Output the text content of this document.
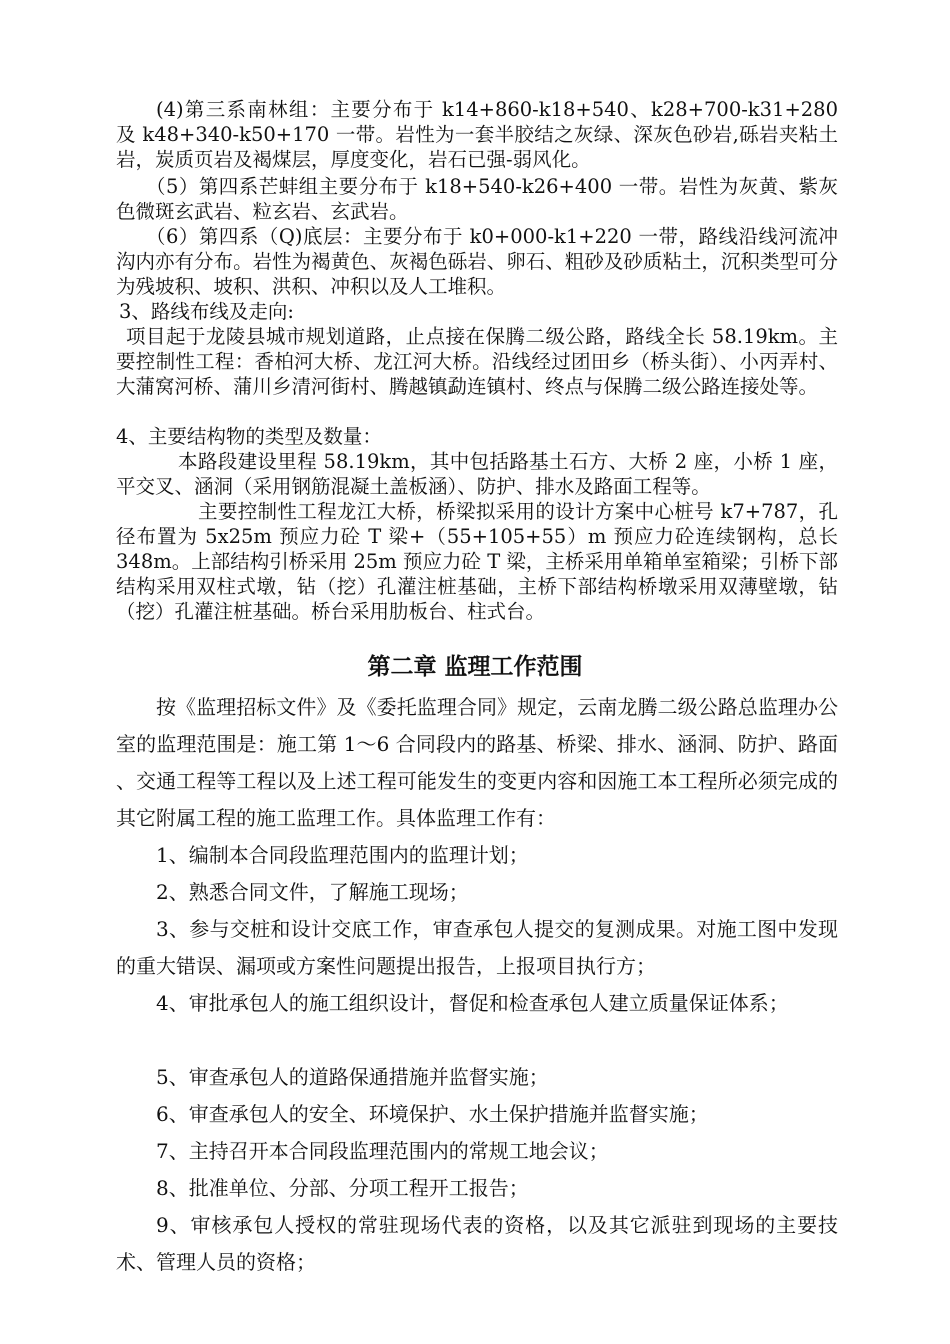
(4)第三系南林组：主要分布于 k14+860-k18+540、k28+700-k31+280 及 k48+340-k50+170 一带。岩性为一套半胶结之灰绿、深灰色砂岩,砾岩夹粘土岩，炭质页岩及褐煤层，厚度变化，岩石已强-弱风化。

（5）第四系芒蚌组主要分布于 k18+540-k26+400 一带。岩性为灰黄、紫灰色微斑玄武岩、粒玄岩、玄武岩。

（6）第四系（Q)底层：主要分布于 k0+000-k1+220 一带，路线沿线河流冲沟内亦有分布。岩性为褐黄色、灰褐色砾岩、卵石、粗砂及砂质粘土，沉积类型可分为残坡积、坡积、洪积、冲积以及人工堆积。

3、路线布线及走向:

项目起于龙陵县城市规划道路，止点接在保腾二级公路，路线全长 58.19km。主要控制性工程：香柏河大桥、龙江河大桥。沿线经过团田乡（桥头街）、小丙弄村、大蒲窝河桥、蒲川乡清河街村、腾越镇勐连镇村、终点与保腾二级公路连接处等。

4、主要结构物的类型及数量：

本路段建设里程 58.19km，其中包括路基土石方、大桥 2 座，小桥 1 座，平交叉、涵洞（采用钢筋混凝土盖板涵）、防护、排水及路面工程等。

主要控制性工程龙江大桥，桥梁拟采用的设计方案中心桩号 k7+787，孔径布置为 5x25m 预应力砼 T 梁+（55+105+55）m 预应力砼连续钢构，总长 348m。上部结构引桥采用 25m 预应力砼 T 梁，主桥采用单箱单室箱梁；引桥下部结构采用双柱式墩，钻（挖）孔灌注桩基础，主桥下部结构桥墩采用双薄壁墩，钻（挖）孔灌注桩基础。桥台采用肋板台、柱式台。

第二章 监理工作范围

按《监理招标文件》及《委托监理合同》规定，云南龙腾二级公路总监理办公室的监理范围是：施工第 1～6 合同段内的路基、桥梁、排水、涵洞、防护、路面 、交通工程等工程以及上述工程可能发生的变更内容和因施工本工程所必须完成的其它附属工程的施工监理工作。具体监理工作有：

1、编制本合同段监理范围内的监理计划；

2、熟悉合同文件，了解施工现场；

3、参与交桩和设计交底工作，审查承包人提交的复测成果。对施工图中发现的重大错误、漏项或方案性问题提出报告，上报项目执行方；

4、审批承包人的施工组织设计，督促和检查承包人建立质量保证体系；

5、审查承包人的道路保通措施并监督实施；

6、审查承包人的安全、环境保护、水土保护措施并监督实施；

7、主持召开本合同段监理范围内的常规工地会议；

8、批准单位、分部、分项工程开工报告；

9、审核承包人授权的常驻现场代表的资格，以及其它派驻到现场的主要技术、管理人员的资格；
